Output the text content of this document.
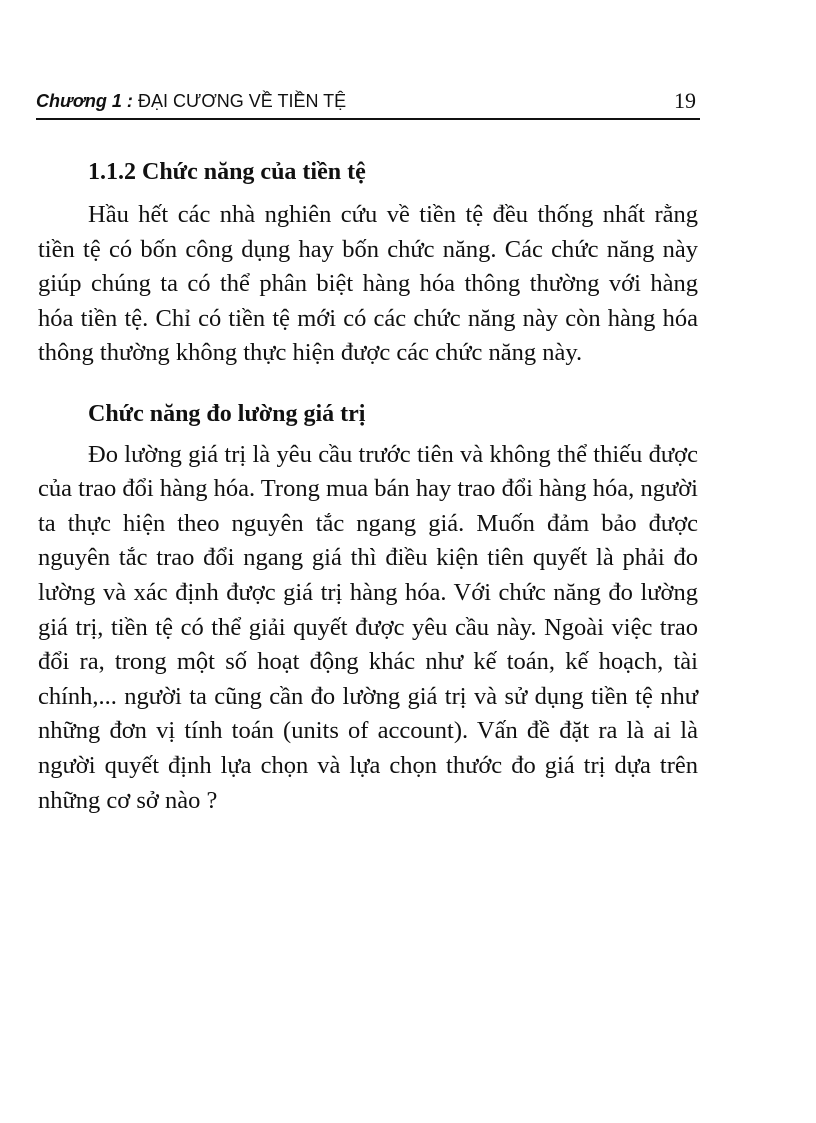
Chương 1 : ĐẠI CƯƠNG VỀ TIỀN TỆ	19
1.1.2 Chức năng của tiền tệ

Hầu hết các nhà nghiên cứu về tiền tệ đều thống nhất rằng tiền tệ có bốn công dụng hay bốn chức năng. Các chức năng này giúp chúng ta có thể phân biệt hàng hóa thông thường với hàng hóa tiền tệ. Chỉ có tiền tệ mới có các chức năng này còn hàng hóa thông thường không thực hiện được các chức năng này.

Chức năng đo lường giá trị

Đo lường giá trị là yêu cầu trước tiên và không thể thiếu được của trao đổi hàng hóa. Trong mua bán hay trao đổi hàng hóa, người ta thực hiện theo nguyên tắc ngang giá. Muốn đảm bảo được nguyên tắc trao đổi ngang giá thì điều kiện tiên quyết là phải đo lường và xác định được giá trị hàng hóa. Với chức năng đo lường giá trị, tiền tệ có thể giải quyết được yêu cầu này. Ngoài việc trao đổi ra, trong một số hoạt động khác như kế toán, kế hoạch, tài chính,... người ta cũng cần đo lường giá trị và sử dụng tiền tệ như những đơn vị tính toán (units of account). Vấn đề đặt ra là ai là người quyết định lựa chọn và lựa chọn thước đo giá trị dựa trên những cơ sở nào ?
